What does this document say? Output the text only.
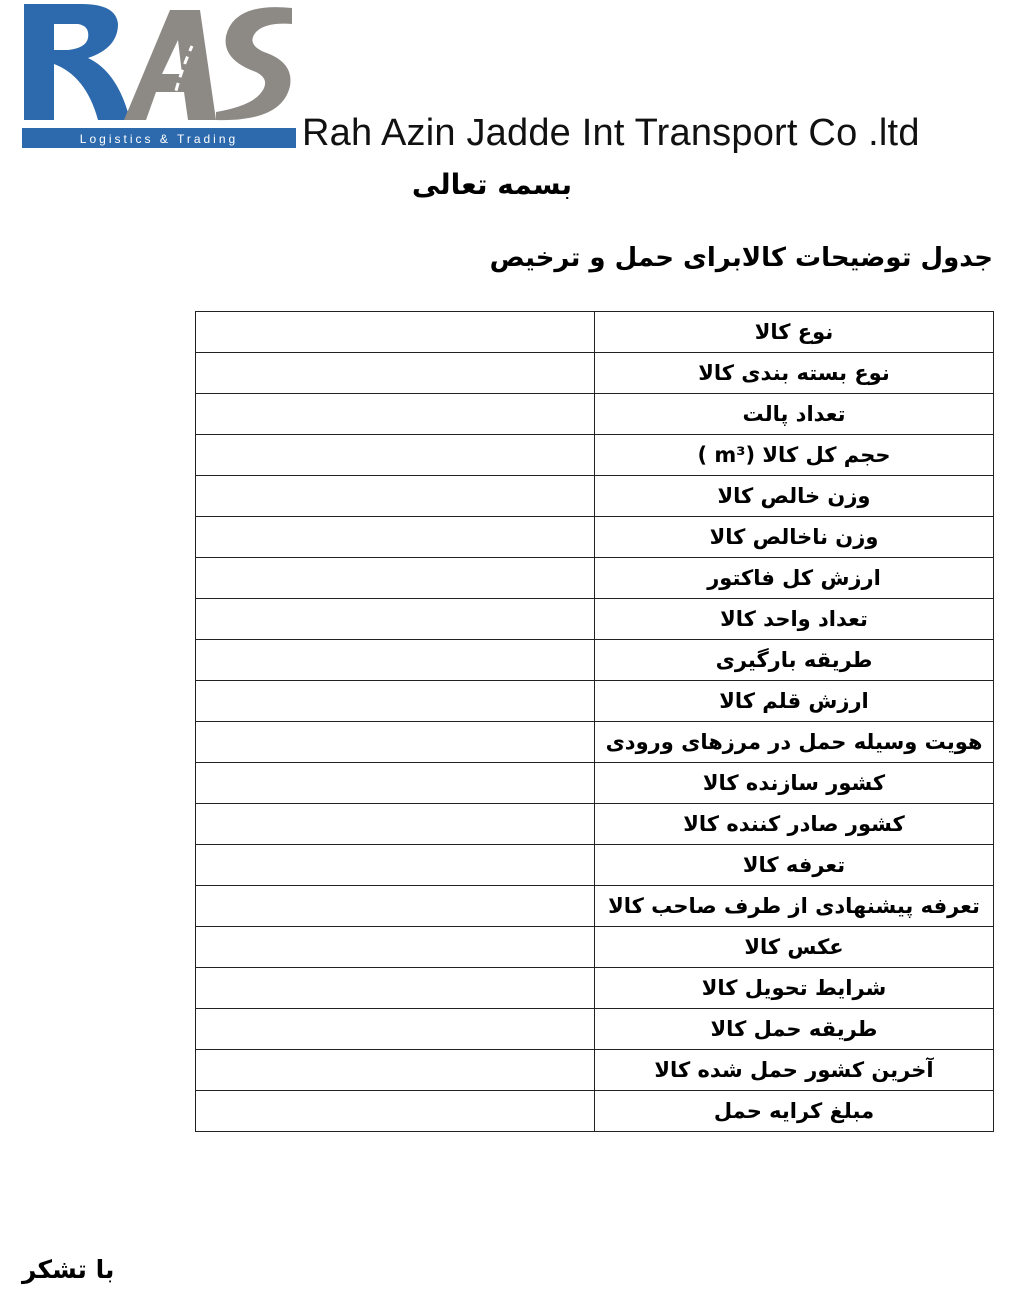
Logistics & Trading Rah Azin Jadde Int Transport Co .ltd
بسمه تعالی
جدول توضیحات کالابرای حمل و ترخیص
نوع کالا	
نوع بسته بندی کالا	
تعداد پالت	
حجم کل کالا (m³ )	
وزن خالص کالا	
وزن ناخالص کالا	
ارزش کل فاکتور	
تعداد واحد کالا	
طریقه بارگیری	
ارزش قلم کالا	
هویت وسیله حمل در مرزهای ورودی	
کشور سازنده کالا	
کشور صادر کننده کالا	
تعرفه کالا	
تعرفه پیشنهادی از طرف صاحب کالا	
عکس کالا	
شرایط تحویل کالا	
طریقه حمل کالا	
آخرین کشور حمل شده کالا	
مبلغ کرایه حمل	
با تشکر
